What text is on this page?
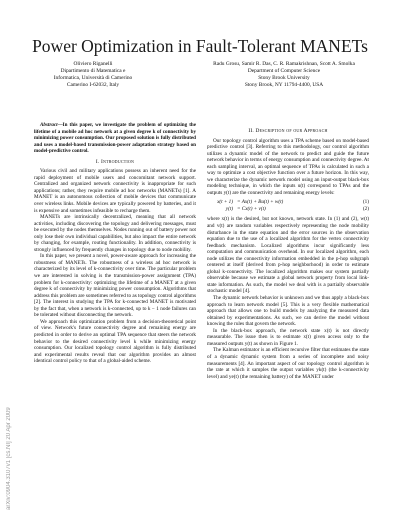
arXiv:0904.3107v1 [cs.NI] 20 Apr 2009
Power Optimization in Fault-Tolerant MANETs
Oliviero Riganelli
Dipartimento di Matematica e
Informatica, Università di Camerino
Camerino I-62032, Italy
Radu Grosu, Samir R. Das, C. R. Ramakrishnan, Scott A. Smolka
Department of Computer Science
Stony Brook University
Stony Brook, NY 11794-4400, USA

Abstract—In this paper, we investigate the problem of optimizing the lifetime of a mobile ad hoc network at a given degree k of connectivity by minimizing power consumption. Our proposed solution is fully distributed and uses a model-based transmission-power adaptation strategy based on model-predictive control.

I. Introduction

Various civil and military applications possess an inherent need for the rapid deployment of mobile users and concomitant network support. Centralized and organized network connectivity is inappropriate for such applications; rather, they require mobile ad hoc networks (MANETs) [1]. A MANET is an autonomous collection of mobile devices that communicate over wireless links. Mobile devices are typically powered by batteries, and it is expensive and sometimes infeasible to recharge them.

MANETs are intrinsically decentralized, meaning that all network activities, including discovering the topology and delivering messages, must be executed by the nodes themselves. Nodes running out of battery power not only lose their own individual capabilities, but also impact the entire network by changing, for example, routing functionality. In addition, connectivity is strongly influenced by frequently changes in topology due to node mobility.

In this paper, we present a novel, power-aware approach for increasing the robustness of MANETs. The robustness of a wireless ad hoc network is characterized by its level of k-connectivity over time. The particular problem we are interested in solving is the transmission-power assignment (TPA) problem for k-connectivity: optimizing the lifetime of a MANET at a given degree k of connectivity by minimizing power consumption. Algorithms that address this problem are sometimes referred to as topology control algorithms [2]. The interest in studying the TPA for k-connected MANET is motivated by the fact that, when a network is k-connected, up to k − 1 node failures can be tolerated without disconnecting the network.

We approach this optimization problem from a decision-theoretical point of view. Network's future connectivity degree and remaining energy are predicted in order to derive an optimal TPA sequence that steers the network behavior to the desired connectivity level k while minimizing energy consumption. Our localized topology control algorithm is fully distributed and experimental results reveal that our algorithm provides an almost identical control policy to that of a global-aided scheme.

II. Description of our Approach

Our topology control algorithm uses a TPA scheme based on model-based predictive control [3]. Referring to this methodology, our control algorithm utilizes a dynamic model of the network to predict and guide the future network behavior in terms of energy consumption and connectivity degree. At each sampling interval, an optimal sequence of TPAs is calculated in such a way to optimize a cost objective function over a future horizon. In this way, we characterize the dynamic network model using an input-output black-box modeling technique, in which the inputs u(t) correspond to TPAs and the outputs y(t) are the connectivity and remaining energy levels:

x(t + 1) = Ax(t) + Bu(t) + w(t)	(1)
y(t) = Cx(t) + v(t)	(2)

where x(t) is the desired, but not known, network state. In (1) and (2), w(t) and v(t) are random variables respectively representing the node mobility disturbance in the state equation and the error sources in the observation equation due to the use of a localized algorithm for the vertex connectivity feedback mechanism. Localized algorithms incur significantly less computation and communication overhead. In our localized algorithm, each node utilizes the connectivity information embedded in the p-hop subgraph centered at itself (derived from p-hop neighborhood) in order to estimate global k-connectivity. The localized algorithm makes our system partially observable because we estimate a global network property from local link-state information. As such, the model we deal with is a partially observable stochastic model [4].

The dynamic network behavior is unknown and we thus apply a black-box approach to learn network model [5]. This is a very flexible mathematical approach that allows one to build models by analyzing the measured data obtained by experimentations. As such, we can derive the model without knowing the rules that govern the network.

In the black-box approach, the network state x(t) is not directly measurable. The issue then is to estimate x(t) given access only to the measured outputs y(t) as shown in Figure 1.

The Kalman estimator is an efficient recursive filter that estimates the state of a dynamic dynamic system from a series of incomplete and noisy measurements [4]. An important aspect of our topology control algorithm is the rate at which it samples the output variables yk(t) (the k-connectivity level) and ye(t) (the remaining battery) of the MANET under
